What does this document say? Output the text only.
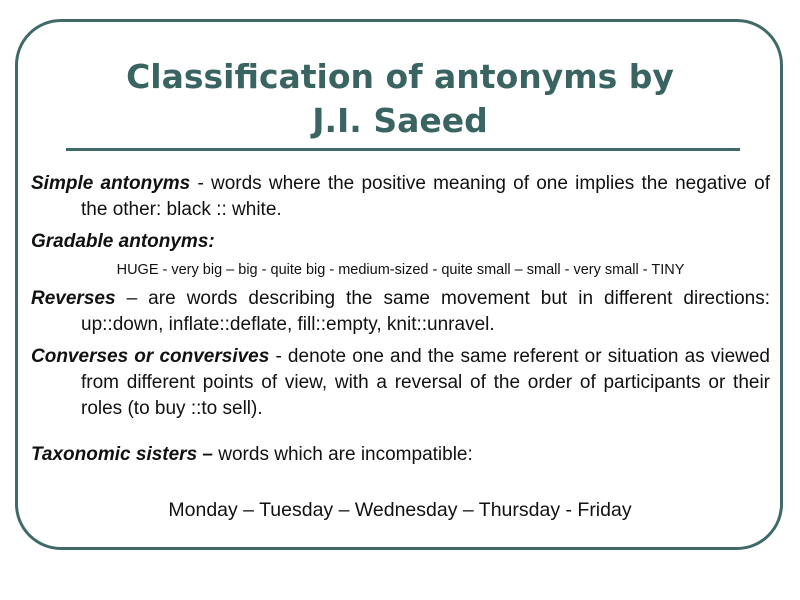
Classification of antonyms by
J.I. Saeed

Simple antonyms - words where the positive meaning of one implies the negative of the other: black :: white.

Gradable antonyms:

HUGE - very big – big - quite big - medium-sized - quite small – small - very small - TINY

Reverses – are words describing the same movement but in different directions: up::down, inflate::deflate, fill::empty, knit::unravel.

Converses or conversives - denote one and the same referent or situation as viewed from different points of view, with a reversal of the order of participants or their roles (to buy ::to sell).

Taxonomic sisters – words which are incompatible:

Monday – Tuesday – Wednesday – Thursday - Friday
